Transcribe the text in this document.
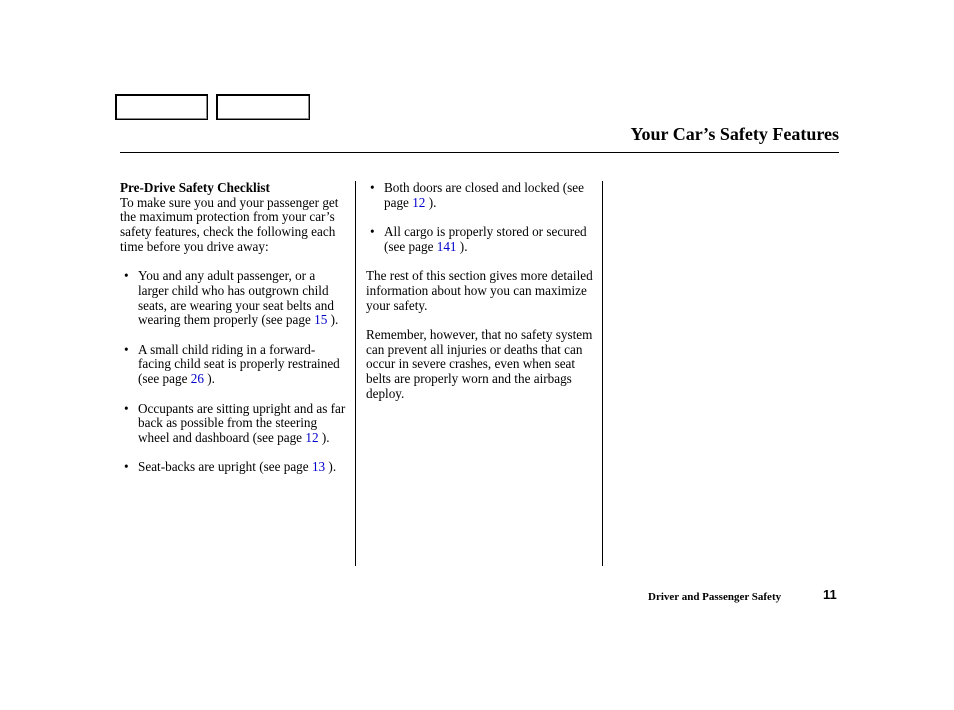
Your Car’s Safety Features
Pre-Drive Safety Checklist

To make sure you and your passenger get the maximum protection from your car’s safety features, check the following each time before you drive away:

• You and any adult passenger, or a larger child who has outgrown child seats, are wearing your seat belts and wearing them properly (see page 15 ).
• A small child riding in a forward-facing child seat is properly restrained (see page 26 ).
• Occupants are sitting upright and as far back as possible from the steering wheel and dashboard (see page 12 ).
• Seat-backs are upright (see page 13 ).
• Both doors are closed and locked (see page 12 ).
• All cargo is properly stored or secured (see page 141 ).

The rest of this section gives more detailed information about how you can maximize your safety.

Remember, however, that no safety system can prevent all injuries or deaths that can occur in severe crashes, even when seat belts are properly worn and the airbags deploy.

Driver and Passenger Safety	11
